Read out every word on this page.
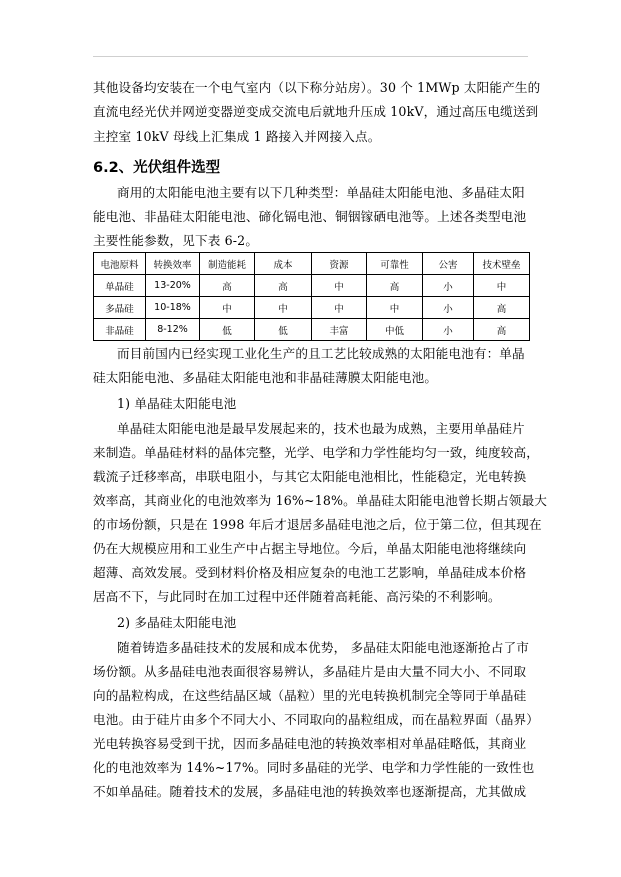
其他设备均安装在一个电气室内（以下称分站房）。30 个 1MWp 太阳能产生的
直流电经光伏并网逆变器逆变成交流电后就地升压成 10kV，通过高压电缆送到
主控室 10kV 母线上汇集成 1 路接入并网接入点。
6.2、光伏组件选型
商用的太阳能电池主要有以下几种类型：单晶硅太阳能电池、多晶硅太阳
能电池、非晶硅太阳能电池、碲化镉电池、铜铟镓硒电池等。上述各类型电池
主要性能参数，见下表 6-2。
电池原料	转换效率	制造能耗	成本	资源	可靠性	公害	技术壁垒
单晶硅	13-20%	高	高	中	高	小	中
多晶硅	10-18%	中	中	中	中	小	高
非晶硅	8-12%	低	低	丰富	中低	小	高
而目前国内已经实现工业化生产的且工艺比较成熟的太阳能电池有：单晶
硅太阳能电池、多晶硅太阳能电池和非晶硅薄膜太阳能电池。
1) 单晶硅太阳能电池
单晶硅太阳能电池是最早发展起来的，技术也最为成熟，主要用单晶硅片
来制造。单晶硅材料的晶体完整，光学、电学和力学性能均匀一致，纯度较高，
载流子迁移率高，串联电阻小，与其它太阳能电池相比，性能稳定，光电转换
效率高，其商业化的电池效率为 16%~18%。单晶硅太阳能电池曾长期占领最大
的市场份额，只是在 1998 年后才退居多晶硅电池之后，位于第二位，但其现在
仍在大规模应用和工业生产中占据主导地位。今后，单晶太阳能电池将继续向
超薄、高效发展。受到材料价格及相应复杂的电池工艺影响，单晶硅成本价格
居高不下，与此同时在加工过程中还伴随着高耗能、高污染的不利影响。
2) 多晶硅太阳能电池
随着铸造多晶硅技术的发展和成本优势， 多晶硅太阳能电池逐渐抢占了市
场份额。从多晶硅电池表面很容易辨认，多晶硅片是由大量不同大小、不同取
向的晶粒构成，在这些结晶区域（晶粒）里的光电转换机制完全等同于单晶硅
电池。由于硅片由多个不同大小、不同取向的晶粒组成，而在晶粒界面（晶界）
光电转换容易受到干扰，因而多晶硅电池的转换效率相对单晶硅略低，其商业
化的电池效率为 14%~17%。同时多晶硅的光学、电学和力学性能的一致性也
不如单晶硅。随着技术的发展，多晶硅电池的转换效率也逐渐提高，尤其做成
